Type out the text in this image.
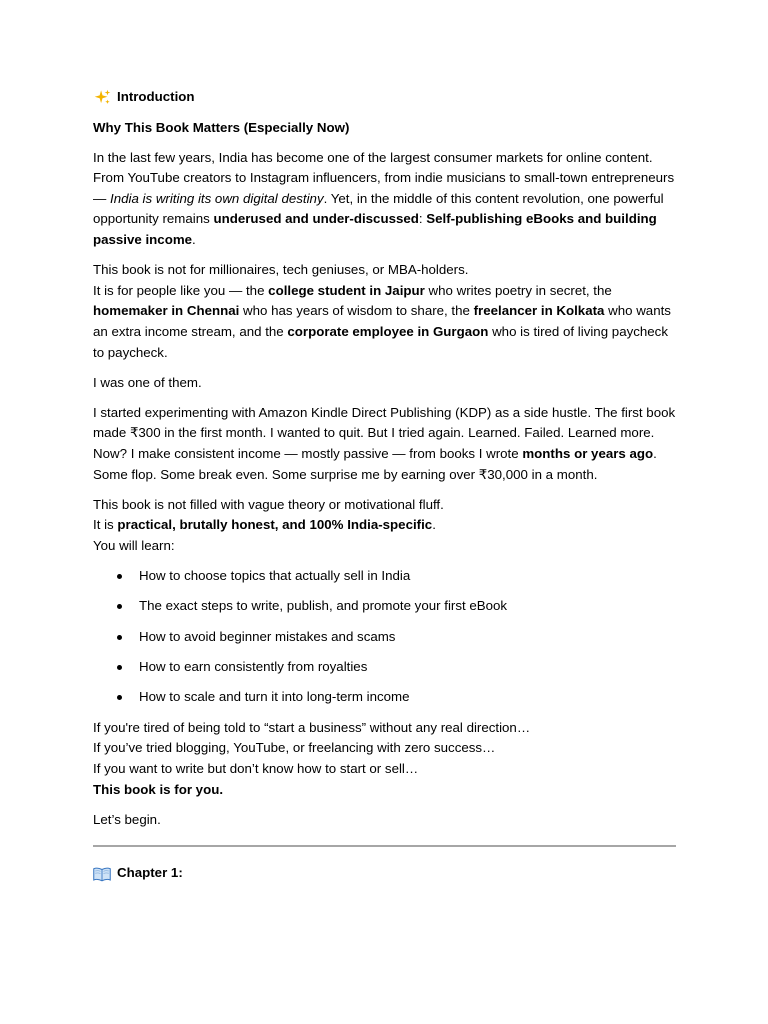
Introduction

Why This Book Matters (Especially Now)

In the last few years, India has become one of the largest consumer markets for online content. From YouTube creators to Instagram influencers, from indie musicians to small-town entrepreneurs — India is writing its own digital destiny. Yet, in the middle of this content revolution, one powerful opportunity remains underused and under-discussed: Self-publishing eBooks and building passive income.

This book is not for millionaires, tech geniuses, or MBA-holders.
It is for people like you — the college student in Jaipur who writes poetry in secret, the homemaker in Chennai who has years of wisdom to share, the freelancer in Kolkata who wants an extra income stream, and the corporate employee in Gurgaon who is tired of living paycheck to paycheck.

I was one of them.

I started experimenting with Amazon Kindle Direct Publishing (KDP) as a side hustle. The first book made ₹300 in the first month. I wanted to quit. But I tried again. Learned. Failed. Learned more.
Now? I make consistent income — mostly passive — from books I wrote months or years ago. Some flop. Some break even. Some surprise me by earning over ₹30,000 in a month.

This book is not filled with vague theory or motivational fluff.
It is practical, brutally honest, and 100% India-specific.
You will learn:

How to choose topics that actually sell in India
The exact steps to write, publish, and promote your first eBook
How to avoid beginner mistakes and scams
How to earn consistently from royalties
How to scale and turn it into long-term income

If you're tired of being told to “start a business” without any real direction…
If you’ve tried blogging, YouTube, or freelancing with zero success…
If you want to write but don’t know how to start or sell…
This book is for you.

Let’s begin.

Chapter 1:
